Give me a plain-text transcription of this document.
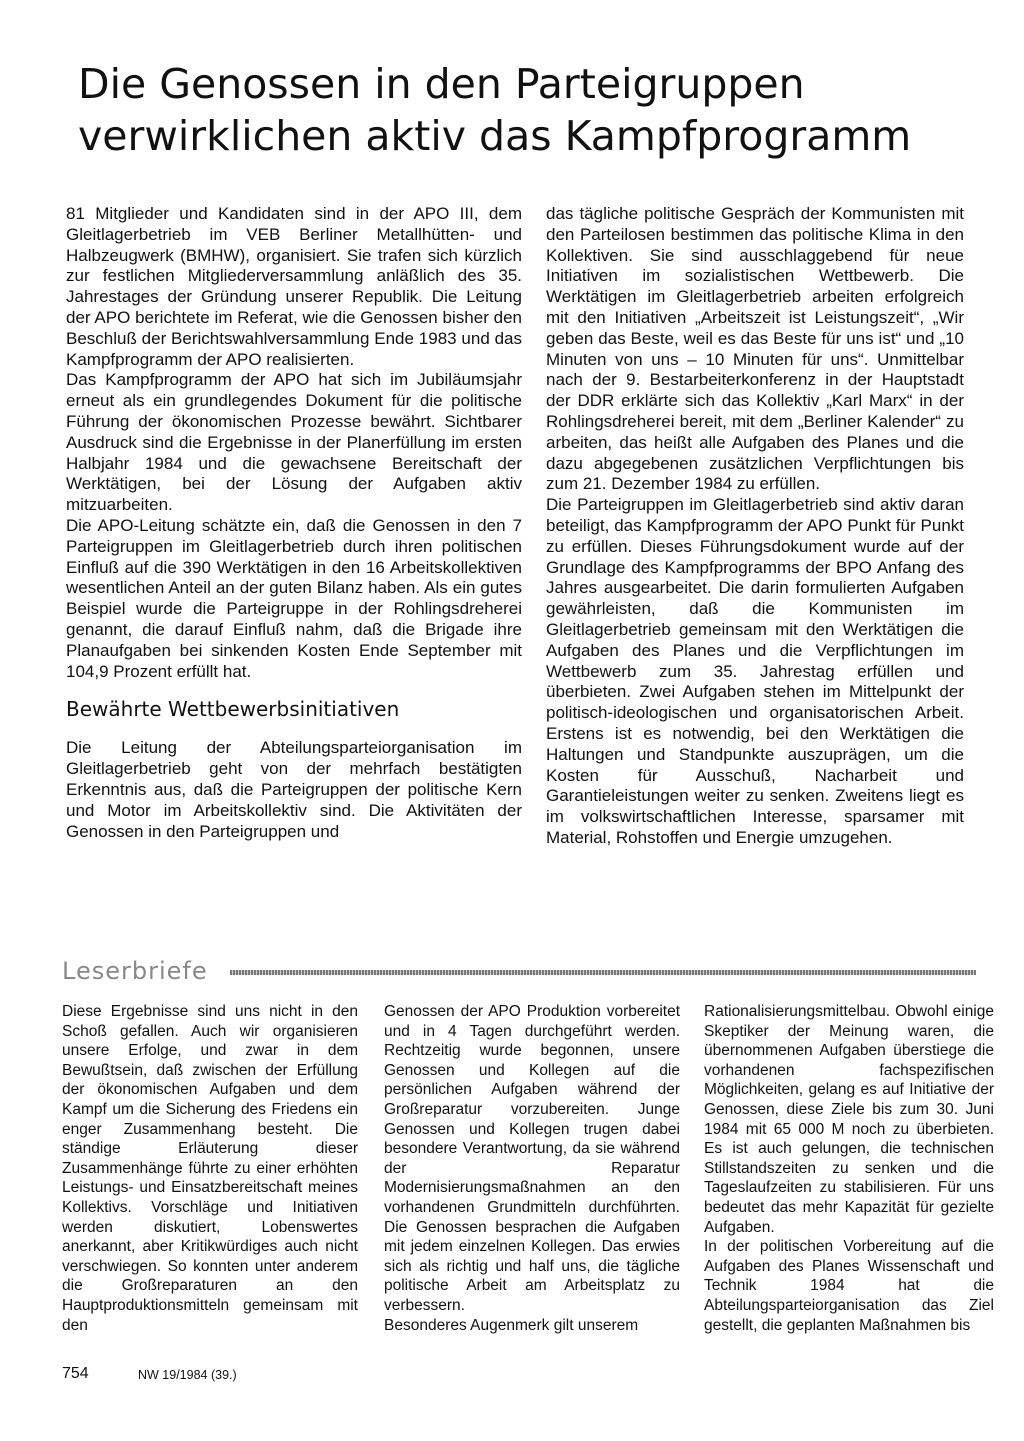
Die Genossen in den Parteigruppen
verwirklichen aktiv das Kampfprogramm

81 Mitglieder und Kandidaten sind in der APO III, dem Gleitlagerbetrieb im VEB Berliner Metallhütten- und Halbzeugwerk (BMHW), organisiert. Sie trafen sich kürzlich zur festlichen Mitgliederversammlung anläßlich des 35. Jahrestages der Gründung unserer Republik. Die Leitung der APO berichtete im Referat, wie die Genossen bisher den Beschluß der Berichtswahlversammlung Ende 1983 und das Kampfprogramm der APO realisierten.

Das Kampfprogramm der APO hat sich im Jubiläumsjahr erneut als ein grundlegendes Dokument für die politische Führung der ökonomischen Prozesse bewährt. Sichtbarer Ausdruck sind die Ergebnisse in der Planerfüllung im ersten Halbjahr 1984 und die gewachsene Bereitschaft der Werktätigen, bei der Lösung der Aufgaben aktiv mitzuarbeiten.

Die APO-Leitung schätzte ein, daß die Genossen in den 7 Parteigruppen im Gleitlagerbetrieb durch ihren politischen Einfluß auf die 390 Werktätigen in den 16 Arbeitskollektiven wesentlichen Anteil an der guten Bilanz haben. Als ein gutes Beispiel wurde die Parteigruppe in der Rohlingsdreherei genannt, die darauf Einfluß nahm, daß die Brigade ihre Planaufgaben bei sinkenden Kosten Ende September mit 104,9 Prozent erfüllt hat.

Bewährte Wettbewerbsinitiativen

Die Leitung der Abteilungsparteiorganisation im Gleitlagerbetrieb geht von der mehrfach bestätigten Erkenntnis aus, daß die Parteigruppen der politische Kern und Motor im Arbeitskollektiv sind. Die Aktivitäten der Genossen in den Parteigruppen und

das tägliche politische Gespräch der Kommunisten mit den Parteilosen bestimmen das politische Klima in den Kollektiven. Sie sind ausschlaggebend für neue Initiativen im sozialistischen Wettbewerb. Die Werktätigen im Gleitlagerbetrieb arbeiten erfolgreich mit den Initiativen „Arbeitszeit ist Leistungszeit“, „Wir geben das Beste, weil es das Beste für uns ist“ und „10 Minuten von uns – 10 Minuten für uns“. Unmittelbar nach der 9. Bestarbeiterkonferenz in der Hauptstadt der DDR erklärte sich das Kollektiv „Karl Marx“ in der Rohlingsdreherei bereit, mit dem „Berliner Kalender“ zu arbeiten, das heißt alle Aufgaben des Planes und die dazu abgegebenen zusätzlichen Verpflichtungen bis zum 21. Dezember 1984 zu erfüllen.

Die Parteigruppen im Gleitlagerbetrieb sind aktiv daran beteiligt, das Kampfprogramm der APO Punkt für Punkt zu erfüllen. Dieses Führungsdokument wurde auf der Grundlage des Kampfprogramms der BPO Anfang des Jahres ausgearbeitet. Die darin formulierten Aufgaben gewährleisten, daß die Kommunisten im Gleitlagerbetrieb gemeinsam mit den Werktätigen die Aufgaben des Planes und die Verpflichtungen im Wettbewerb zum 35. Jahrestag erfüllen und überbieten. Zwei Aufgaben stehen im Mittelpunkt der politisch-ideologischen und organisatorischen Arbeit. Erstens ist es notwendig, bei den Werktätigen die Haltungen und Standpunkte auszuprägen, um die Kosten für Ausschuß, Nacharbeit und Garantieleistungen weiter zu senken. Zweitens liegt es im volkswirtschaftlichen Interesse, sparsamer mit Material, Rohstoffen und Energie umzugehen.

Leserbriefe

Diese Ergebnisse sind uns nicht in den Schoß gefallen. Auch wir organisieren unsere Erfolge, und zwar in dem Bewußtsein, daß zwischen der Erfüllung der ökonomischen Aufgaben und dem Kampf um die Sicherung des Friedens ein enger Zusammenhang besteht. Die ständige Erläuterung dieser Zusammenhänge führte zu einer erhöhten Leistungs- und Einsatzbereitschaft meines Kollektivs. Vorschläge und Initiativen werden diskutiert, Lobenswertes anerkannt, aber Kritikwürdiges auch nicht verschwiegen. So konnten unter anderem die Großreparaturen an den Hauptproduktionsmitteln gemeinsam mit den

Genossen der APO Produktion vorbereitet und in 4 Tagen durchgeführt werden. Rechtzeitig wurde begonnen, unsere Genossen und Kollegen auf die persönlichen Aufgaben während der Großreparatur vorzubereiten. Junge Genossen und Kollegen trugen dabei besondere Verantwortung, da sie während der Reparatur Modernisierungsmaßnahmen an den vorhandenen Grundmitteln durchführten. Die Genossen besprachen die Aufgaben mit jedem einzelnen Kollegen. Das erwies sich als richtig und half uns, die tägliche politische Arbeit am Arbeitsplatz zu verbessern.

Besonderes Augenmerk gilt unserem

Rationalisierungsmittelbau. Obwohl einige Skeptiker der Meinung waren, die übernommenen Aufgaben überstiege die vorhandenen fachspezifischen Möglichkeiten, gelang es auf Initiative der Genossen, diese Ziele bis zum 30. Juni 1984 mit 65 000 M noch zu überbieten. Es ist auch gelungen, die technischen Stillstandszeiten zu senken und die Tageslaufzeiten zu stabilisieren. Für uns bedeutet das mehr Kapazität für gezielte Aufgaben.

In der politischen Vorbereitung auf die Aufgaben des Planes Wissenschaft und Technik 1984 hat die Abteilungsparteiorganisation das Ziel gestellt, die geplanten Maßnahmen bis

754	NW 19/1984 (39.)
